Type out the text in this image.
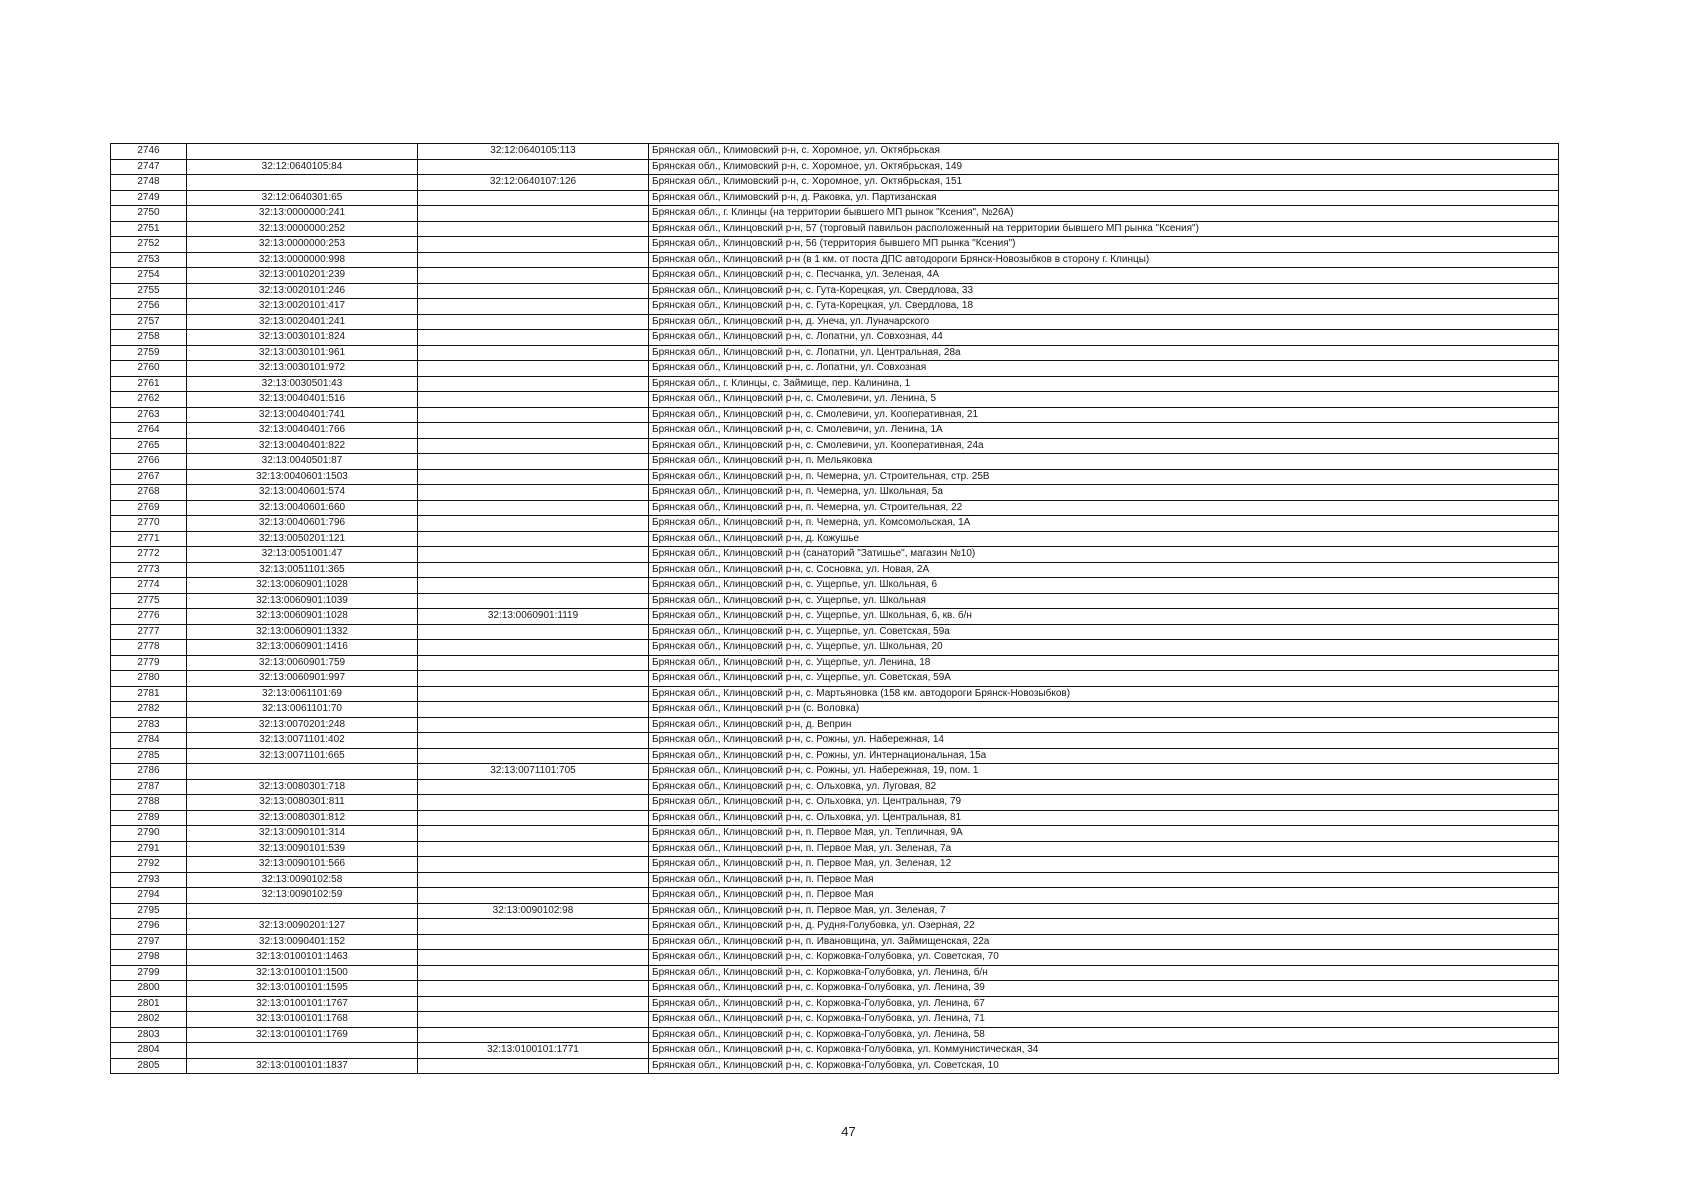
2746		32:12:0640105:113	Брянская обл., Климовский р-н, с. Хоромное, ул. Октябрьская
2747	32:12:0640105:84		Брянская обл., Климовский р-н, с. Хоромное, ул. Октябрьская, 149
2748		32:12:0640107:126	Брянская обл., Климовский р-н, с. Хоромное, ул. Октябрьская, 151
2749	32:12:0640301:65		Брянская обл., Климовский р-н, д. Раковка, ул. Партизанская
2750	32:13:0000000:241		Брянская обл., г. Клинцы (на территории бывшего МП рынок "Ксения", №26А)
2751	32:13:0000000:252		Брянская обл., Клинцовский р-н, 57 (торговый павильон расположенный на территории бывшего МП рынка "Ксения")
2752	32:13:0000000:253		Брянская обл., Клинцовский р-н, 56 (территория бывшего МП рынка "Ксения")
2753	32:13:0000000:998		Брянская обл., Клинцовский р-н (в 1 км. от поста ДПС автодороги Брянск-Новозыбков в сторону г. Клинцы)
2754	32:13:0010201:239		Брянская обл., Клинцовский р-н, с. Песчанка, ул. Зеленая, 4А
2755	32:13:0020101:246		Брянская обл., Клинцовский р-н, с. Гута-Корецкая, ул. Свердлова, 33
2756	32:13:0020101:417		Брянская обл., Клинцовский р-н, с. Гута-Корецкая, ул. Свердлова, 18
2757	32:13:0020401:241		Брянская обл., Клинцовский р-н, д. Унеча, ул. Луначарского
2758	32:13:0030101:824		Брянская обл., Клинцовский р-н, с. Лопатни, ул. Совхозная, 44
2759	32:13:0030101:961		Брянская обл., Клинцовский р-н, с. Лопатни, ул. Центральная, 28а
2760	32:13:0030101:972		Брянская обл., Клинцовский р-н, с. Лопатни, ул. Совхозная
2761	32:13:0030501:43		Брянская обл., г. Клинцы, с. Займище, пер. Калинина, 1
2762	32:13:0040401:516		Брянская обл., Клинцовский р-н, с. Смолевичи, ул. Ленина, 5
2763	32:13:0040401:741		Брянская обл., Клинцовский р-н, с. Смолевичи, ул. Кооперативная, 21
2764	32:13:0040401:766		Брянская обл., Клинцовский р-н, с. Смолевичи, ул. Ленина, 1А
2765	32:13:0040401:822		Брянская обл., Клинцовский р-н, с. Смолевичи, ул. Кооперативная, 24а
2766	32:13:0040501:87		Брянская обл., Клинцовский р-н, п. Мельяковка
2767	32:13:0040601:1503		Брянская обл., Клинцовский р-н, п. Чемерна, ул. Строительная, стр. 25В
2768	32:13:0040601:574		Брянская обл., Клинцовский р-н, п. Чемерна, ул. Школьная, 5а
2769	32:13:0040601:660		Брянская обл., Клинцовский р-н, п. Чемерна, ул. Строительная, 22
2770	32:13:0040601:796		Брянская обл., Клинцовский р-н, п. Чемерна, ул. Комсомольская, 1А
2771	32:13:0050201:121		Брянская обл., Клинцовский р-н, д. Кожушье
2772	32:13:0051001:47		Брянская обл., Клинцовский р-н (санаторий "Затишье", магазин №10)
2773	32:13:0051101:365		Брянская обл., Клинцовский р-н, с. Сосновка, ул. Новая, 2А
2774	32:13:0060901:1028		Брянская обл., Клинцовский р-н, с. Ущерпье, ул. Школьная, 6
2775	32:13:0060901:1039		Брянская обл., Клинцовский р-н, с. Ущерпье, ул. Школьная
2776	32:13:0060901:1028	32:13:0060901:1119	Брянская обл., Клинцовский р-н, с. Ущерпье, ул. Школьная, 6, кв. б/н
2777	32:13:0060901:1332		Брянская обл., Клинцовский р-н, с. Ущерпье, ул. Советская, 59а
2778	32:13:0060901:1416		Брянская обл., Клинцовский р-н, с. Ущерпье, ул. Школьная, 20
2779	32:13:0060901:759		Брянская обл., Клинцовский р-н, с. Ущерпье, ул. Ленина, 18
2780	32:13:0060901:997		Брянская обл., Клинцовский р-н, с. Ущерпье, ул. Советская, 59А
2781	32:13:0061101:69		Брянская обл., Клинцовский р-н, с. Мартьяновка (158 км. автодороги Брянск-Новозыбков)
2782	32:13:0061101:70		Брянская обл., Клинцовский р-н (с. Воловка)
2783	32:13:0070201:248		Брянская обл., Клинцовский р-н, д. Веприн
2784	32:13:0071101:402		Брянская обл., Клинцовский р-н, с. Рожны, ул. Набережная, 14
2785	32:13:0071101:665		Брянская обл., Клинцовский р-н, с. Рожны, ул. Интернациональная, 15а
2786		32:13:0071101:705	Брянская обл., Клинцовский р-н, с. Рожны, ул. Набережная, 19, пом. 1
2787	32:13:0080301:718		Брянская обл., Клинцовский р-н, с. Ольховка, ул. Луговая, 82
2788	32:13:0080301:811		Брянская обл., Клинцовский р-н, с. Ольховка, ул. Центральная, 79
2789	32:13:0080301:812		Брянская обл., Клинцовский р-н, с. Ольховка, ул. Центральная, 81
2790	32:13:0090101:314		Брянская обл., Клинцовский р-н, п. Первое Мая, ул. Тепличная, 9А
2791	32:13:0090101:539		Брянская обл., Клинцовский р-н, п. Первое Мая, ул. Зеленая, 7а
2792	32:13:0090101:566		Брянская обл., Клинцовский р-н, п. Первое Мая, ул. Зеленая, 12
2793	32:13:0090102:58		Брянская обл., Клинцовский р-н, п. Первое Мая
2794	32:13:0090102:59		Брянская обл., Клинцовский р-н, п. Первое Мая
2795		32:13:0090102:98	Брянская обл., Клинцовский р-н, п. Первое Мая, ул. Зеленая, 7
2796	32:13:0090201:127		Брянская обл., Клинцовский р-н, д. Рудня-Голубовка, ул. Озерная, 22
2797	32:13:0090401:152		Брянская обл., Клинцовский р-н, п. Ивановщина, ул. Займищенская, 22а
2798	32:13:0100101:1463		Брянская обл., Клинцовский р-н, с. Коржовка-Голубовка, ул. Советская, 70
2799	32:13:0100101:1500		Брянская обл., Клинцовский р-н, с. Коржовка-Голубовка, ул. Ленина, б/н
2800	32:13:0100101:1595		Брянская обл., Клинцовский р-н, с. Коржовка-Голубовка, ул. Ленина, 39
2801	32:13:0100101:1767		Брянская обл., Клинцовский р-н, с. Коржовка-Голубовка, ул. Ленина, 67
2802	32:13:0100101:1768		Брянская обл., Клинцовский р-н, с. Коржовка-Голубовка, ул. Ленина, 71
2803	32:13:0100101:1769		Брянская обл., Клинцовский р-н, с. Коржовка-Голубовка, ул. Ленина, 58
2804		32:13:0100101:1771	Брянская обл., Клинцовский р-н, с. Коржовка-Голубовка, ул. Коммунистическая, 34
2805	32:13:0100101:1837		Брянская обл., Клинцовский р-н, с. Коржовка-Голубовка, ул. Советская, 10
47
